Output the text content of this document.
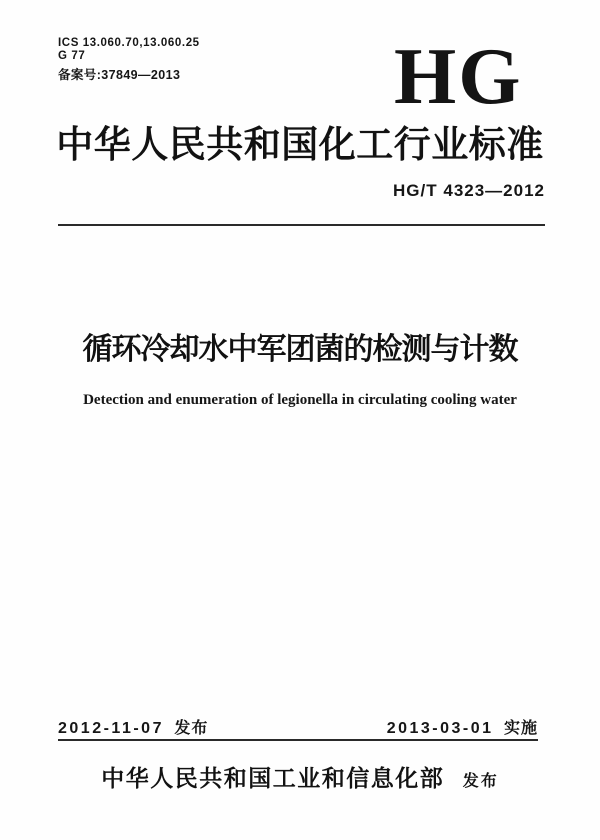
ICS 13.060.70,13.060.25
G 77
备案号:37849—2013	HG
中华人民共和国化工行业标准
HG/T 4323—2012
循环冷却水中军团菌的检测与计数
Detection and enumeration of legionella in circulating cooling water
2012-11-07 发布	2013-03-01 实施
中华人民共和国工业和信息化部 发布
